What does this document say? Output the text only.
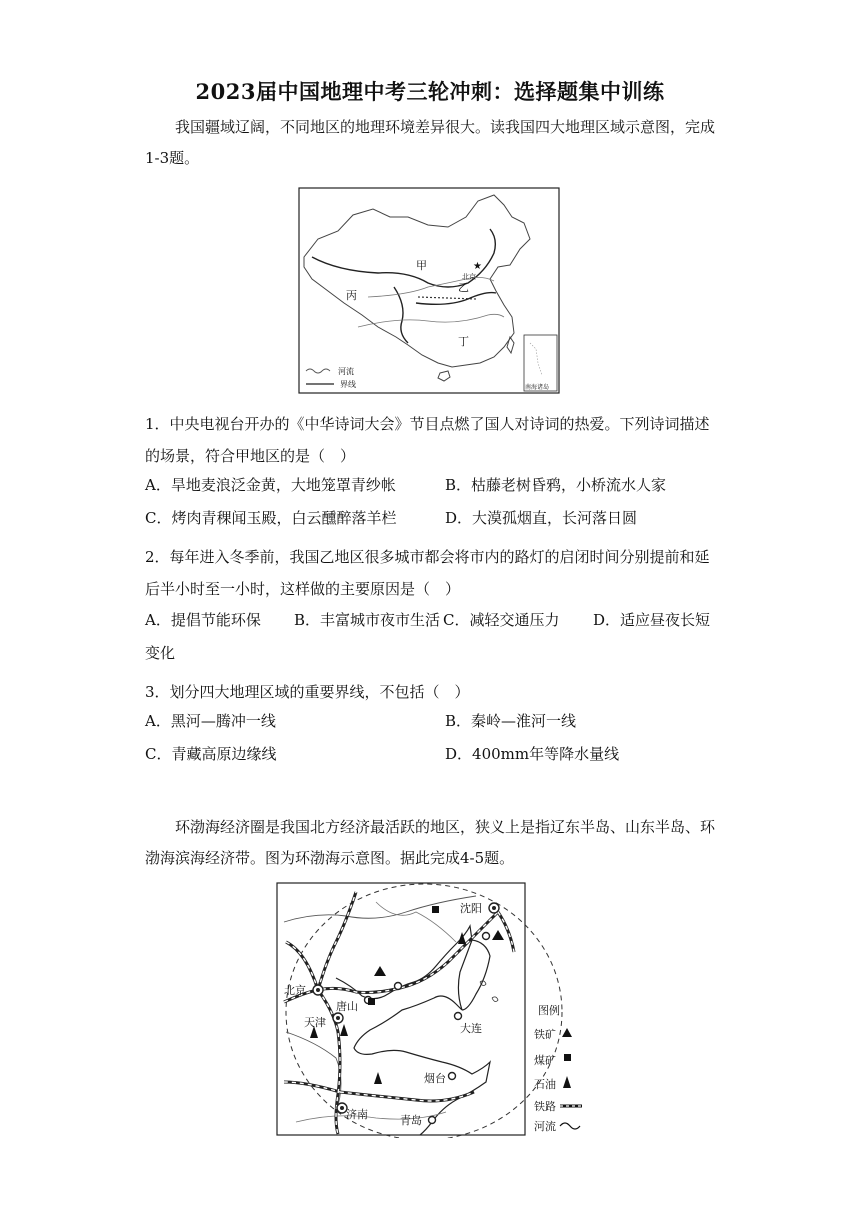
2023届中国地理中考三轮冲刺：选择题集中训练
我国疆域辽阔，不同地区的地理环境差异很大。读我国四大地理区域示意图，完成1-3题。
★
甲
乙
丙
丁
北京
河流
界线	南海诸岛
1．中央电视台开办的《中华诗词大会》节目点燃了国人对诗词的热爱。下列诗词描述的场景，符合甲地区的是（　）
A．旱地麦浪泛金黄，大地笼罩青纱帐	B．枯藤老树昏鸦，小桥流水人家
C．烤肉青稞闻玉殿，白云醺醉落羊栏	D．大漠孤烟直，长河落日圆
2．每年进入冬季前，我国乙地区很多城市都会将市内的路灯的启闭时间分别提前和延后半小时至一小时，这样做的主要原因是（　）
A．提倡节能环保 B．丰富城市夜市生活 C．减轻交通压力 D．适应昼夜长短
变化
3．划分四大地理区域的重要界线，不包括（　）
A．黑河—腾冲一线	B．秦岭—淮河一线
C．青藏高原边缘线	D．400mm年等降水量线
环渤海经济圈是我国北方经济最活跃的地区，狭义上是指辽东半岛、山东半岛、环渤海滨海经济带。图为环渤海示意图。据此完成4-5题。
沈阳
北京
唐山
天津	大连
烟台
济南	青岛
图例
铁矿
煤矿
石油
铁路
河流
